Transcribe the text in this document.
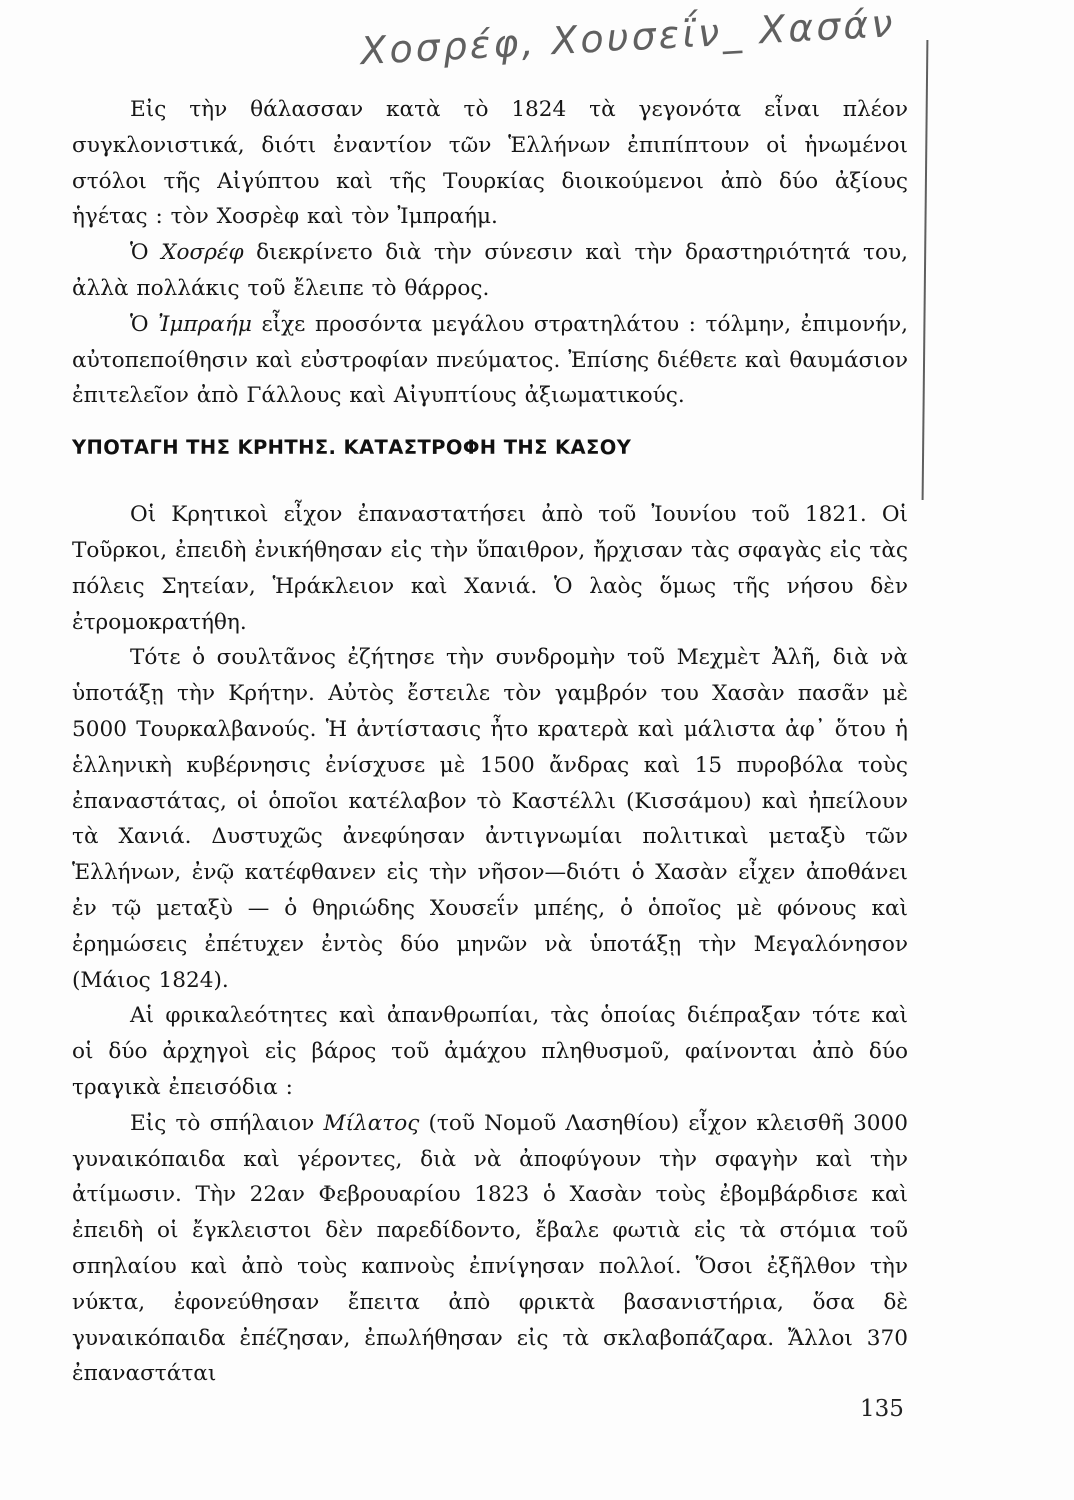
Χοσρέφ, Χουσεΐν_ Χασάν

Εἰς τὴν θάλασσαν κατὰ τὸ 1824 τὰ γεγονότα εἶναι πλέον συγκλονιστικά, διότι ἐναντίον τῶν Ἑλλήνων ἐπιπίπτουν οἱ ἡνωμένοι στόλοι τῆς Αἰγύπτου καὶ τῆς Τουρκίας διοικούμενοι ἀπὸ δύο ἀξίους ἡγέτας : τὸν Χοσρὲφ καὶ τὸν Ἰμπραήμ.

Ὁ Χοσρέφ διεκρίνετο διὰ τὴν σύνεσιν καὶ τὴν δραστηριότητά του, ἀλλὰ πολλάκις τοῦ ἔλειπε τὸ θάρρος.

Ὁ Ἰμπραήμ εἶχε προσόντα μεγάλου στρατηλάτου : τόλμην, ἐπιμονήν, αὐτοπεποίθησιν καὶ εὐστροφίαν πνεύματος. Ἐπίσης διέθετε καὶ θαυμάσιον ἐπιτελεῖον ἀπὸ Γάλλους καὶ Αἰγυπτίους ἀξιωματικούς.

ΥΠΟΤΑΓΗ ΤΗΣ ΚΡΗΤΗΣ. ΚΑΤΑΣΤΡΟΦΗ ΤΗΣ ΚΑΣΟΥ

Οἱ Κρητικοὶ εἶχον ἐπαναστατήσει ἀπὸ τοῦ Ἰουνίου τοῦ 1821. Οἱ Τοῦρκοι, ἐπειδὴ ἐνικήθησαν εἰς τὴν ὕπαιθρον, ἤρχισαν τὰς σφαγὰς εἰς τὰς πόλεις Σητείαν, Ἡράκλειον καὶ Χανιά. Ὁ λαὸς ὅμως τῆς νήσου δὲν ἐτρομοκρατήθη.

Τότε ὁ σουλτᾶνος ἐζήτησε τὴν συνδρομὴν τοῦ Μεχμὲτ Ἀλῆ, διὰ νὰ ὑποτάξῃ τὴν Κρήτην. Αὐτὸς ἔστειλε τὸν γαμβρόν του Χασὰν πασᾶν μὲ 5000 Τουρκαλβανούς. Ἡ ἀντίστασις ἦτο κρατερὰ καὶ μάλιστα ἀφ᾽ ὅτου ἡ ἑλληνικὴ κυβέρνησις ἐνίσχυσε μὲ 1500 ἄνδρας καὶ 15 πυροβόλα τοὺς ἐπαναστάτας, οἱ ὁποῖοι κατέλαβον τὸ Καστέλλι (Κισσάμου) καὶ ἠπείλουν τὰ Χανιά. Δυστυχῶς ἀνεφύησαν ἀντιγνωμίαι πολιτικαὶ μεταξὺ τῶν Ἑλλήνων, ἐνῷ κατέφθανεν εἰς τὴν νῆσον—διότι ὁ Χασὰν εἶχεν ἀποθάνει ἐν τῷ μεταξὺ — ὁ θηριώδης Χουσεΐν μπέης, ὁ ὁποῖος μὲ φόνους καὶ ἐρημώσεις ἐπέτυχεν ἐντὸς δύο μηνῶν νὰ ὑποτάξῃ τὴν Μεγαλόνησον (Μάιος 1824).

Αἱ φρικαλεότητες καὶ ἀπανθρωπίαι, τὰς ὁποίας διέπραξαν τότε καὶ οἱ δύο ἀρχηγοὶ εἰς βάρος τοῦ ἀμάχου πληθυσμοῦ, φαίνονται ἀπὸ δύο τραγικὰ ἐπεισόδια :

Εἰς τὸ σπήλαιον Μίλατος (τοῦ Νομοῦ Λασηθίου) εἶχον κλεισθῆ 3000 γυναικόπαιδα καὶ γέροντες, διὰ νὰ ἀποφύγουν τὴν σφαγὴν καὶ τὴν ἀτίμωσιν. Τὴν 22αν Φεβρουαρίου 1823 ὁ Χασὰν τοὺς ἐβομβάρδισε καὶ ἐπειδὴ οἱ ἔγκλειστοι δὲν παρεδίδοντο, ἔβαλε φωτιὰ εἰς τὰ στόμια τοῦ σπηλαίου καὶ ἀπὸ τοὺς καπνοὺς ἐπνίγησαν πολλοί. Ὅσοι ἐξῆλθον τὴν νύκτα, ἐφονεύθησαν ἔπειτα ἀπὸ φρικτὰ βασανιστήρια, ὅσα δὲ γυναικόπαιδα ἐπέζησαν, ἐπωλήθησαν εἰς τὰ σκλαβοπάζαρα. Ἄλλοι 370 ἐπαναστάται

135
